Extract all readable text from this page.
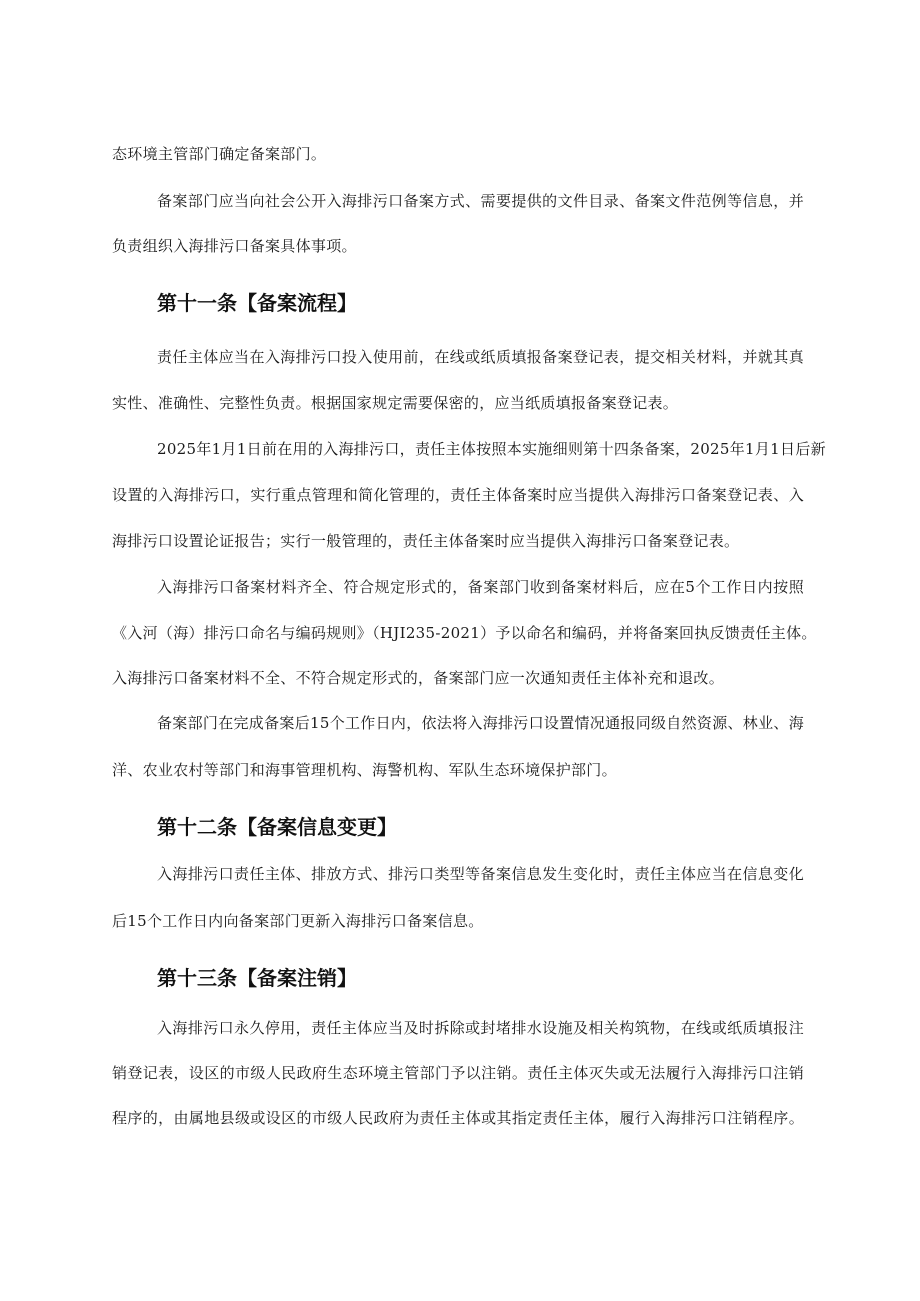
态环境主管部门确定备案部门。
备案部门应当向社会公开入海排污口备案方式、需要提供的文件目录、备案文件范例等信息，并
负责组织入海排污口备案具体事项。
第十一条【备案流程】
责任主体应当在入海排污口投入使用前，在线或纸质填报备案登记表，提交相关材料，并就其真
实性、准确性、完整性负责。根据国家规定需要保密的，应当纸质填报备案登记表。
2025年1月1日前在用的入海排污口，责任主体按照本实施细则第十四条备案，2025年1月1日后新
设置的入海排污口，实行重点管理和简化管理的，责任主体备案时应当提供入海排污口备案登记表、入
海排污口设置论证报告；实行一般管理的，责任主体备案时应当提供入海排污口备案登记表。
入海排污口备案材料齐全、符合规定形式的，备案部门收到备案材料后，应在5个工作日内按照
《入河（海）排污口命名与编码规则》（HJI235-2021）予以命名和编码，并将备案回执反馈责任主体。
入海排污口备案材料不全、不符合规定形式的，备案部门应一次通知责任主体补充和退改。
备案部门在完成备案后15个工作日内，依法将入海排污口设置情况通报同级自然资源、林业、海
洋、农业农村等部门和海事管理机构、海警机构、军队生态环境保护部门。
第十二条【备案信息变更】
入海排污口责任主体、排放方式、排污口类型等备案信息发生变化时，责任主体应当在信息变化
后15个工作日内向备案部门更新入海排污口备案信息。
第十三条【备案注销】
入海排污口永久停用，责任主体应当及时拆除或封堵排水设施及相关构筑物，在线或纸质填报注
销登记表，设区的市级人民政府生态环境主管部门予以注销。责任主体灭失或无法履行入海排污口注销
程序的，由属地县级或设区的市级人民政府为责任主体或其指定责任主体，履行入海排污口注销程序。
